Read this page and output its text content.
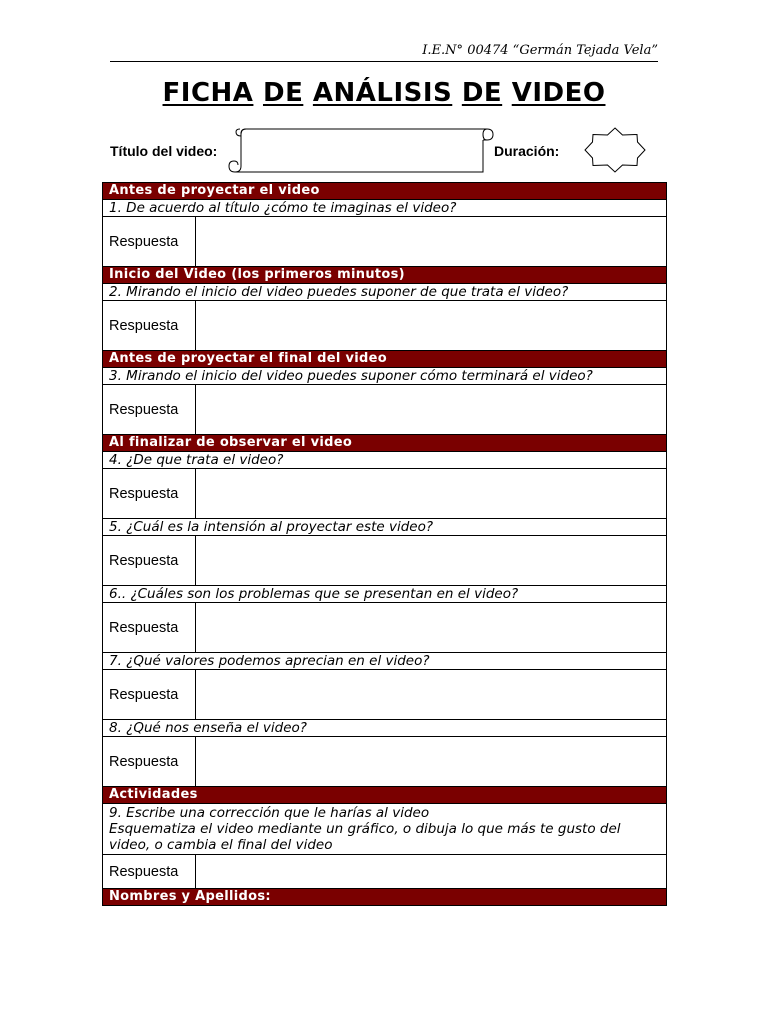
I.E.N° 00474 “Germán Tejada Vela”
FICHA DE ANÁLISIS DE VIDEO
Título del video:	Duración:
Antes de proyectar el video	
1. De acuerdo al título ¿cómo te imaginas el video?	
Respuesta	
Inicio del Video (los primeros minutos)	
2. Mirando el inicio del video puedes suponer de que trata el video?	
Respuesta	
Antes de proyectar el final del video	
3. Mirando el inicio del video puedes suponer cómo terminará el video?	
Respuesta	
Al finalizar de observar el video	
4. ¿De que trata el video?	
Respuesta	
5. ¿Cuál es la intensión al proyectar este video?	
Respuesta	
6.. ¿Cuáles son los problemas que se presentan en el video?	
Respuesta	
7. ¿Qué valores podemos aprecian en el video?	
Respuesta	
8. ¿Qué nos enseña el video?	
Respuesta	
Actividades	

9. Escribe una corrección que le harías al video
Esquematiza el video mediante un gráfico, o dibuja lo que más te gusto del video, o cambia el final del video	

Respuesta	
Nombres y Apellidos:	
